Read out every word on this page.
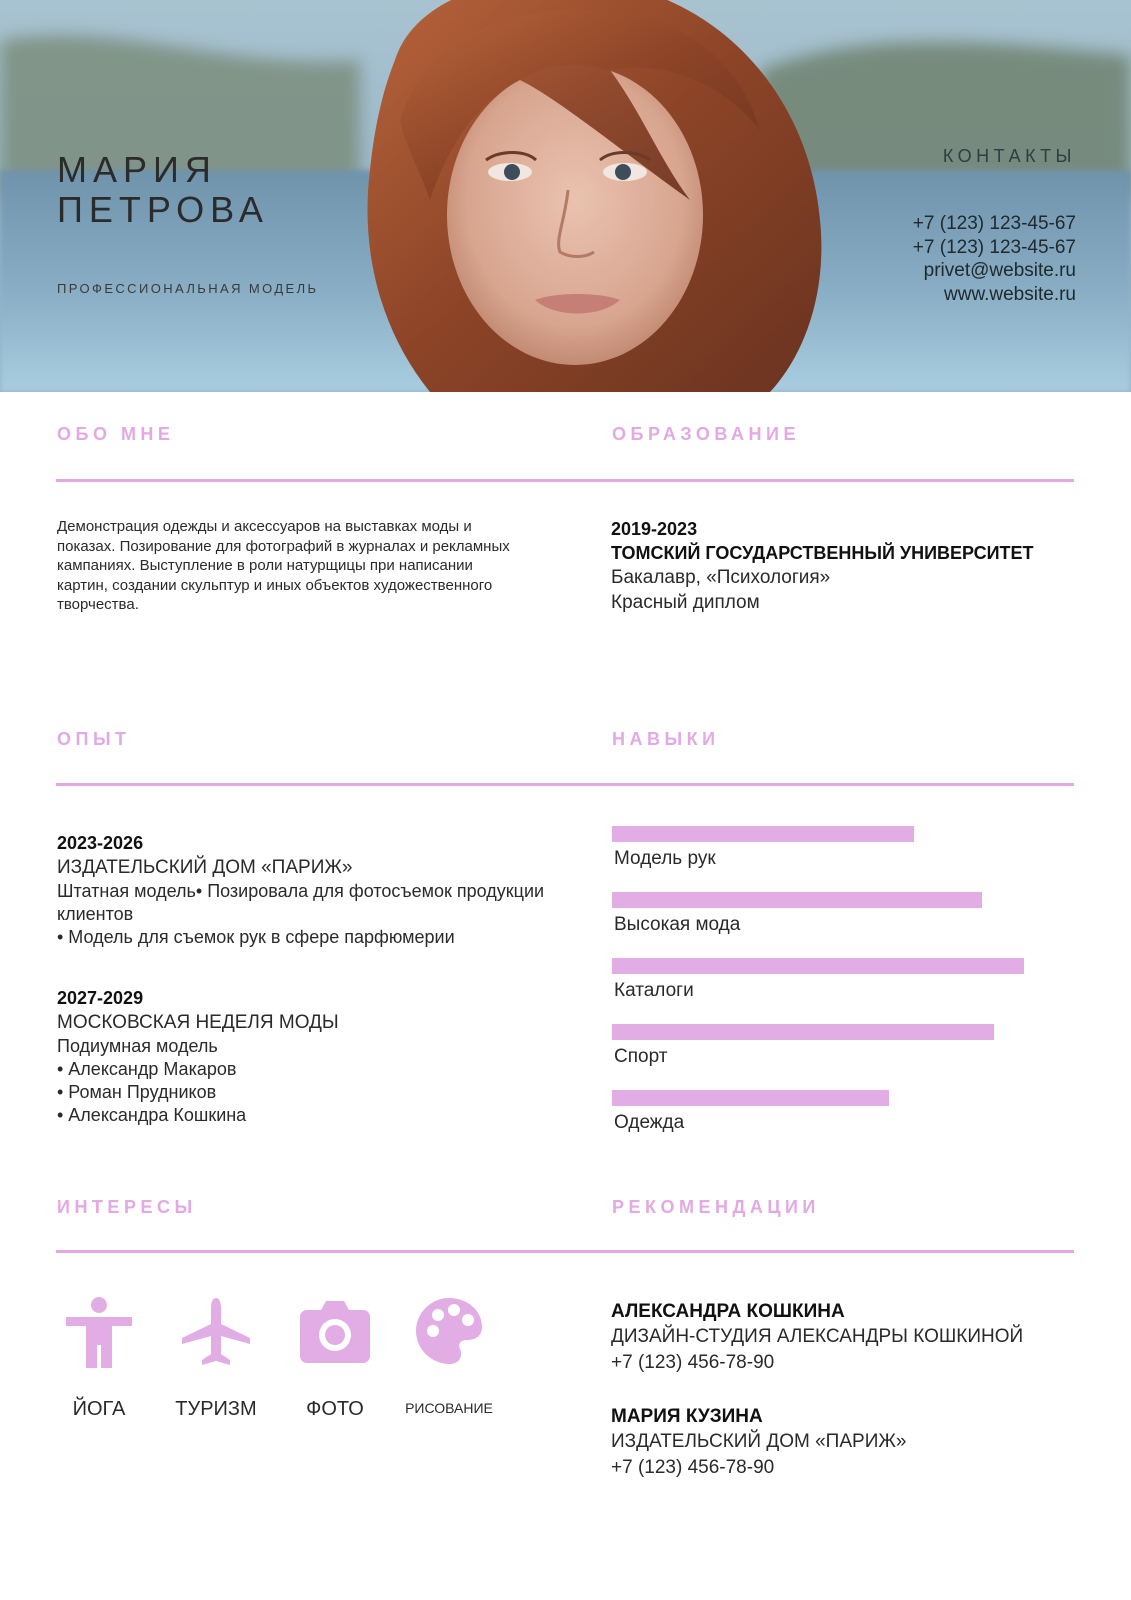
МАРИЯ
ПЕТРОВА
ПРОФЕССИОНАЛЬНАЯ МОДЕЛЬ
КОНТАКТЫ
+7 (123) 123-45-67
+7 (123) 123-45-67
privet@website.ru
www.website.ru
ОБО МНЕ	ОБРАЗОВАНИЕ
Демонстрация одежды и аксессуаров на выставках моды и показах. Позирование для фотографий в журналах и рекламных кампаниях. Выступление в роли натурщицы при написании картин, создании скульптур и иных объектов художественного творчества.
2019-2023
ТОМСКИЙ ГОСУДАРСТВЕННЫЙ УНИВЕРСИТЕТ
Бакалавр, «Психология»
Красный диплом
ОПЫТ	НАВЫКИ
2023-2026
ИЗДАТЕЛЬСКИЙ ДОМ «ПАРИЖ»
Штатная модель• Позировала для фотосъемок продукции клиентов
• Модель для съемок рук в сфере парфюмерии
2027-2029
МОСКОВСКАЯ НЕДЕЛЯ МОДЫ
Подиумная модель
• Александр Макаров
• Роман Прудников
• Александра Кошкина
Модель рук
Высокая мода
Каталоги
Спорт
Одежда
ИНТЕРЕСЫ	РЕКОМЕНДАЦИИ
ЙОГА	ТУРИЗМ	ФОТО	РИСОВАНИЕ
АЛЕКСАНДРА КОШКИНА
ДИЗАЙН-СТУДИЯ АЛЕКСАНДРЫ КОШКИНОЙ
+7 (123) 456-78-90
МАРИЯ КУЗИНА
ИЗДАТЕЛЬСКИЙ ДОМ «ПАРИЖ»
+7 (123) 456-78-90
